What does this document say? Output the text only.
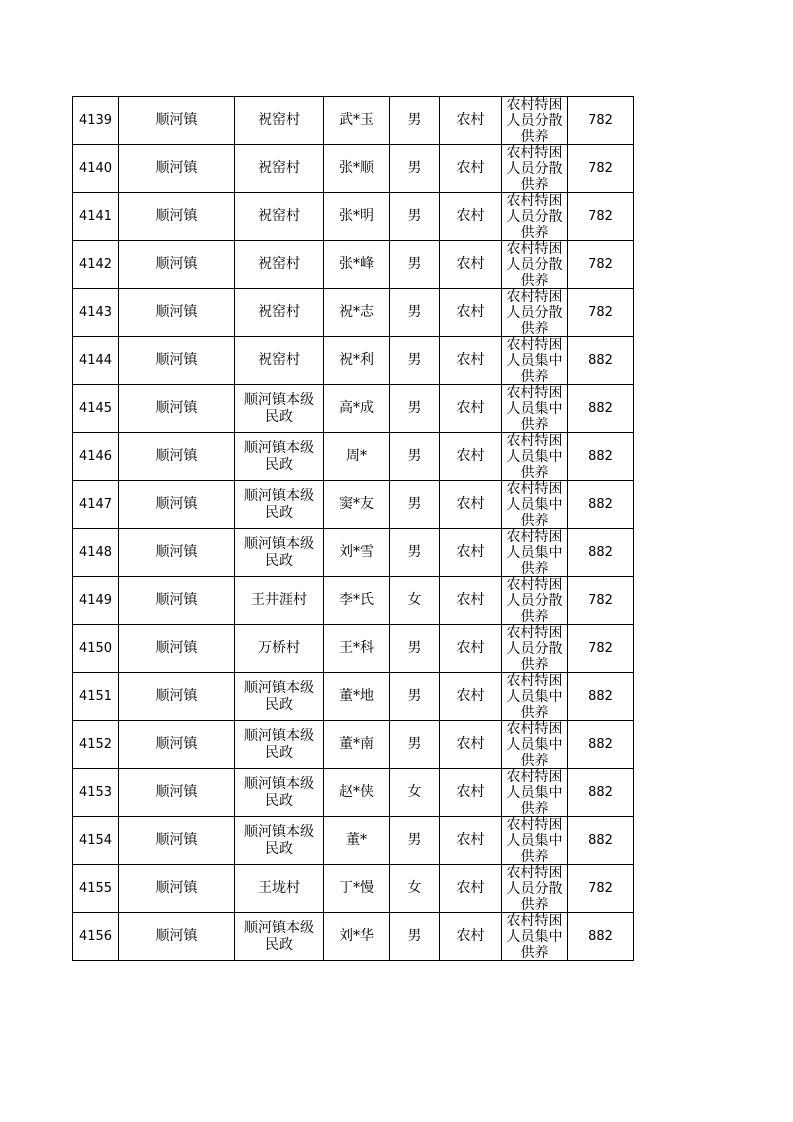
4139	顺河镇	祝窑村	武*玉	男	农村	农村特困人员分散供养	782
4140	顺河镇	祝窑村	张*顺	男	农村	农村特困人员分散供养	782
4141	顺河镇	祝窑村	张*明	男	农村	农村特困人员分散供养	782
4142	顺河镇	祝窑村	张*峰	男	农村	农村特困人员分散供养	782
4143	顺河镇	祝窑村	祝*志	男	农村	农村特困人员分散供养	782
4144	顺河镇	祝窑村	祝*利	男	农村	农村特困人员集中供养	882
4145	顺河镇	顺河镇本级民政	高*成	男	农村	农村特困人员集中供养	882
4146	顺河镇	顺河镇本级民政	周*	男	农村	农村特困人员集中供养	882
4147	顺河镇	顺河镇本级民政	窦*友	男	农村	农村特困人员集中供养	882
4148	顺河镇	顺河镇本级民政	刘*雪	男	农村	农村特困人员集中供养	882
4149	顺河镇	王井涯村	李*氏	女	农村	农村特困人员分散供养	782
4150	顺河镇	万桥村	王*科	男	农村	农村特困人员分散供养	782
4151	顺河镇	顺河镇本级民政	董*地	男	农村	农村特困人员集中供养	882
4152	顺河镇	顺河镇本级民政	董*南	男	农村	农村特困人员集中供养	882
4153	顺河镇	顺河镇本级民政	赵*侠	女	农村	农村特困人员集中供养	882
4154	顺河镇	顺河镇本级民政	董*	男	农村	农村特困人员集中供养	882
4155	顺河镇	王垅村	丁*慢	女	农村	农村特困人员分散供养	782
4156	顺河镇	顺河镇本级民政	刘*华	男	农村	农村特困人员集中供养	882
